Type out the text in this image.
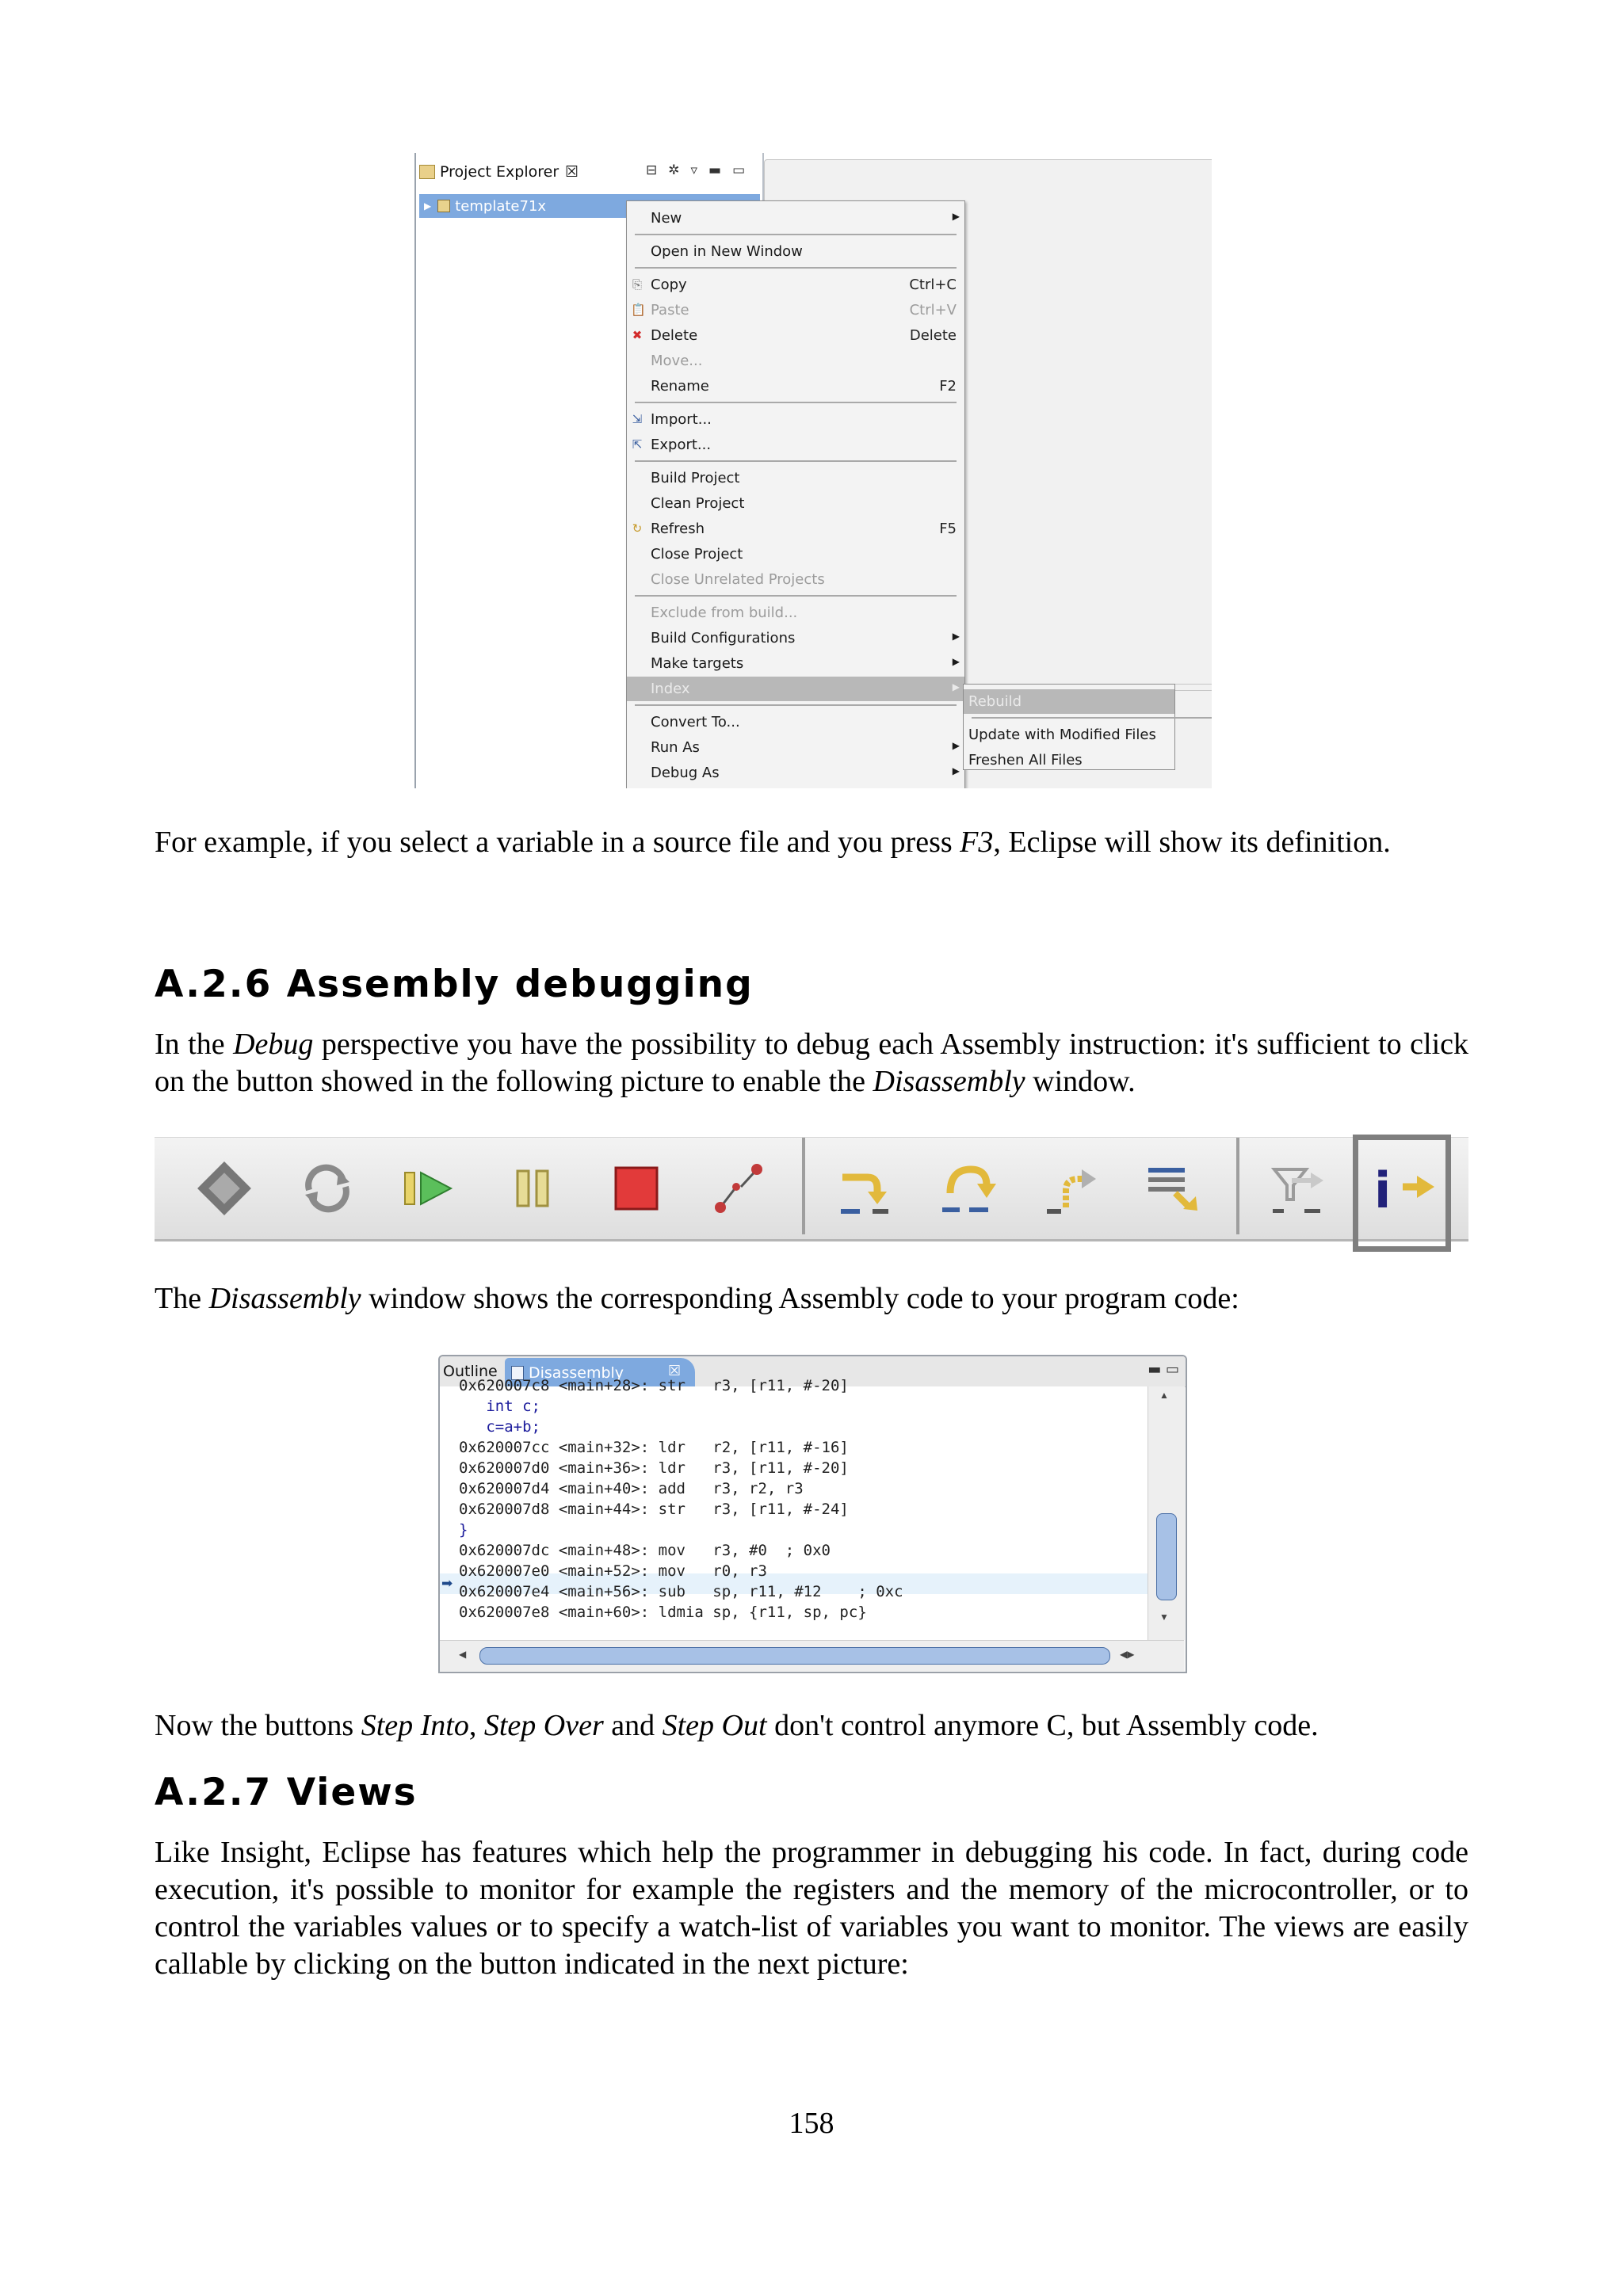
Project Explorer ☒	⊟ ✲ ▿ ▬ ▭
▶ template71x
New	▶
Open in New Window
⎘ Copy	Ctrl+C
📋 Paste	Ctrl+V
✖ Delete	Delete
Move...
Rename	F2
⇲ Import...
⇱ Export...
Build Project
Clean Project
↻ Refresh	F5
Close Project
Close Unrelated Projects
Exclude from build...
Build Configurations	▶
Make targets	▶
Index	▶
Convert To...
Run As	▶
Debug As	▶
Rebuild
Update with Modified Files
Freshen All Files

For example, if you select a variable in a source file and you press F3, Eclipse will show its definition.

A.2.6 Assembly debugging

In the Debug perspective you have the possibility to debug each Assembly instruction: it's sufficient to click on the button showed in the following picture to enable the Disassembly window.

i

The Disassembly window shows the corresponding Assembly code to your program code:

Outline Disassembly	☒	▬ ▭
➡
0x620007c8 <main+28>: str   r3, [r11, #-20]
int c;
c=a+b;
0x620007cc <main+32>: ldr   r2, [r11, #-16]
0x620007d0 <main+36>: ldr   r3, [r11, #-20]
0x620007d4 <main+40>: add   r3, r2, r3
0x620007d8 <main+44>: str   r3, [r11, #-24]
}
0x620007dc <main+48>: mov   r3, #0  ; 0x0
0x620007e0 <main+52>: mov   r0, r3
0x620007e4 <main+56>: sub   sp, r11, #12    ; 0xc
0x620007e8 <main+60>: ldmia sp, {r11, sp, pc}
▲
▼
◀	◀▶

Now the buttons Step Into, Step Over and Step Out don't control anymore C, but Assembly code.

A.2.7 Views

Like Insight, Eclipse has features which help the programmer in debugging his code. In fact, during code execution, it's possible to monitor for example the registers and the memory of the microcontroller, or to control the variables values or to specify a watch-list of variables you want to monitor. The views are easily callable by clicking on the button indicated in the next picture:

158
